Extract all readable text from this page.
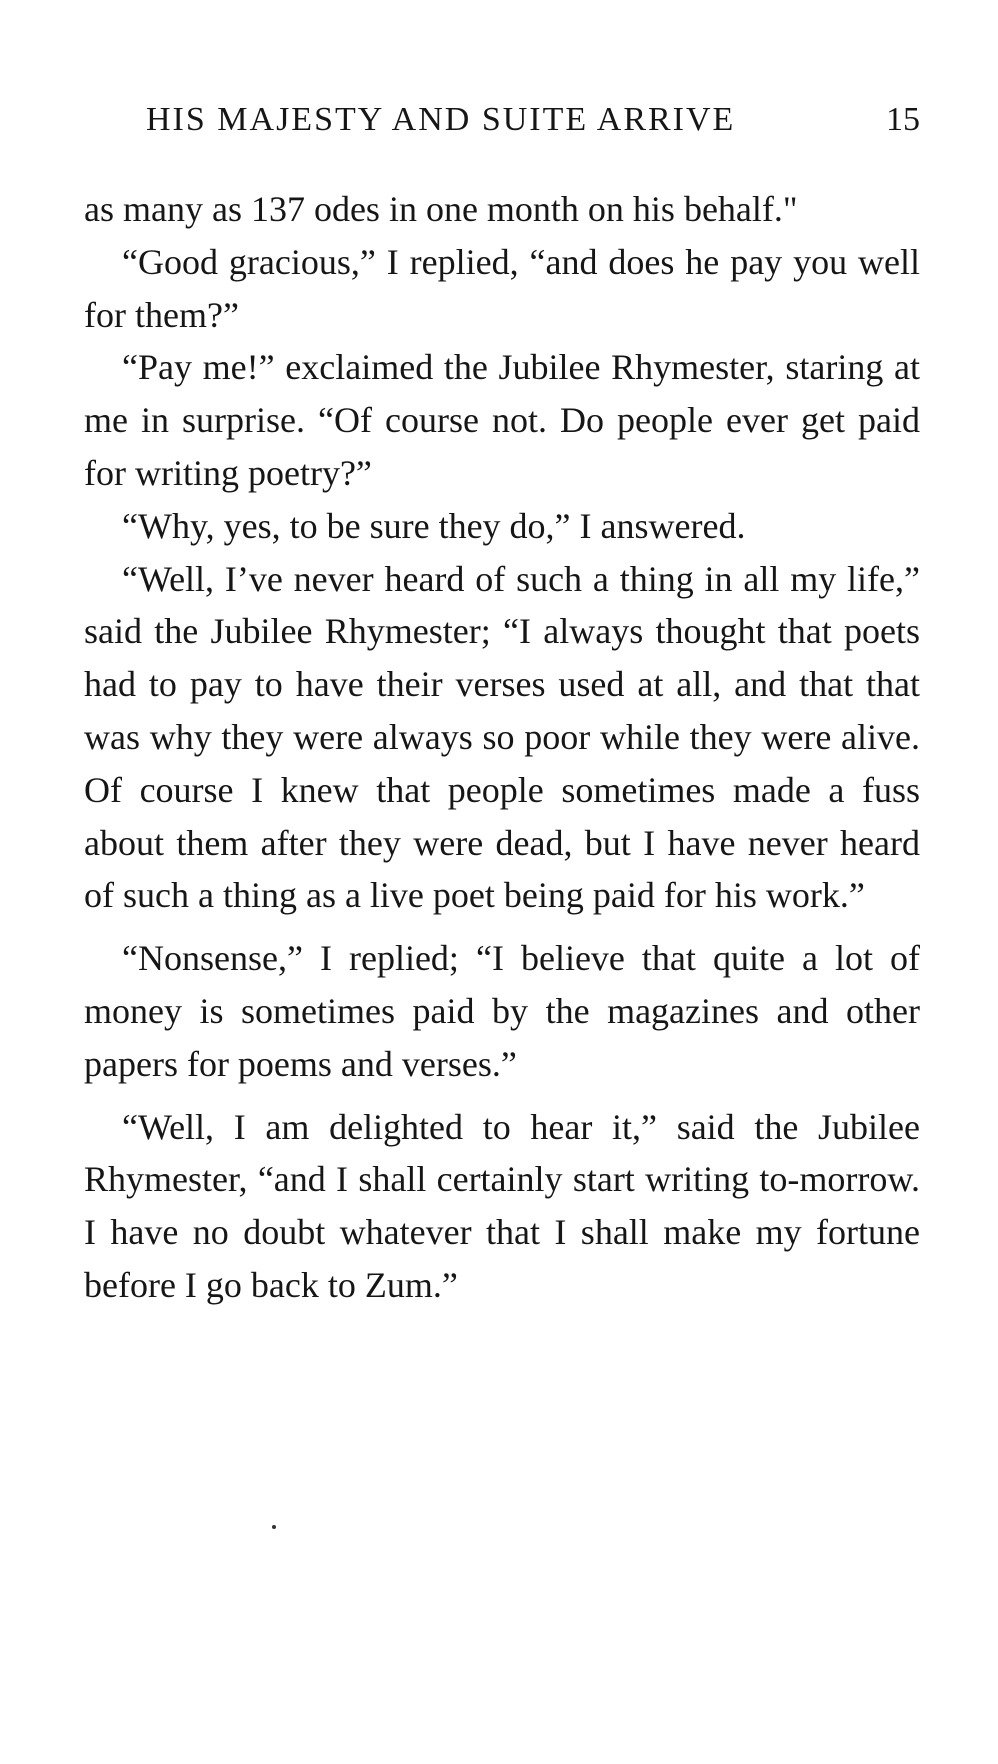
HIS MAJESTY AND SUITE ARRIVE	15

as many as 137 odes in one month on his behalf."

“Good gracious,” I replied, “and does he pay you well for them?”

“Pay me!” exclaimed the Jubilee Rhymester, staring at me in surprise. “Of course not. Do people ever get paid for writing poetry?”

“Why, yes, to be sure they do,” I answered.

“Well, I’ve never heard of such a thing in all my life,” said the Jubilee Rhymester; “I always thought that poets had to pay to have their verses used at all, and that that was why they were always so poor while they were alive. Of course I knew that people sometimes made a fuss about them after they were dead, but I have never heard of such a thing as a live poet being paid for his work.”

“Nonsense,” I replied; “I believe that quite a lot of money is sometimes paid by the magazines and other papers for poems and verses.”

“Well, I am delighted to hear it,” said the Jubilee Rhymester, “and I shall certainly start writing to-morrow. I have no doubt whatever that I shall make my fortune before I go back to Zum.”
